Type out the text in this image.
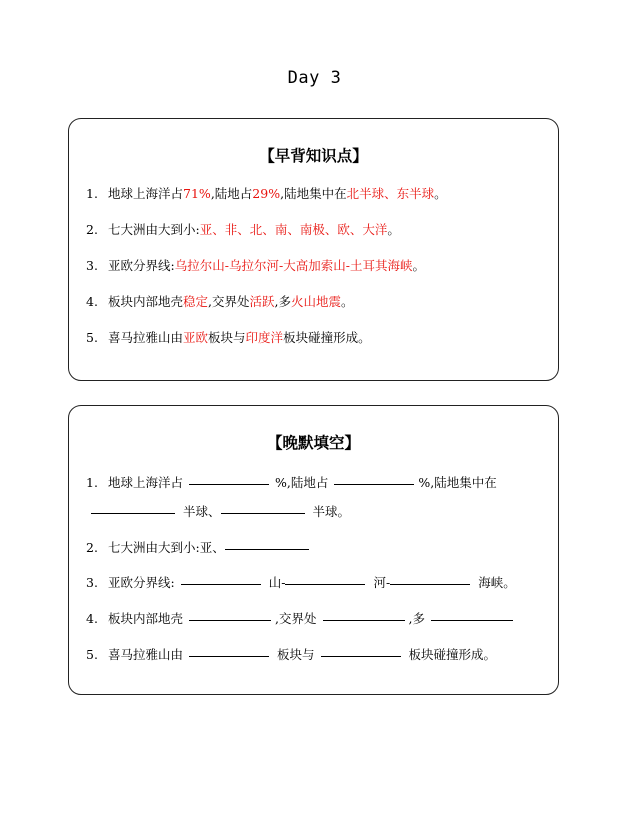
Day 3
【早背知识点】
1. 地球上海洋占71%,陆地占29%,陆地集中在北半球、东半球。
2. 七大洲由大到小:亚、非、北、南、南极、欧、大洋。
3. 亚欧分界线:乌拉尔山-乌拉尔河-大高加索山-土耳其海峡。
4. 板块内部地壳稳定,交界处活跃,多火山地震。
5. 喜马拉雅山由亚欧板块与印度洋板块碰撞形成。
【晚默填空】
1. 地球上海洋占	%,陆地占	%,陆地集中在
半球、	半球。
2. 七大洲由大到小:亚、
3. 亚欧分界线:	山-	河-	海峡。
4. 板块内部地壳	,交界处	,多
5. 喜马拉雅山由	板块与	板块碰撞形成。
